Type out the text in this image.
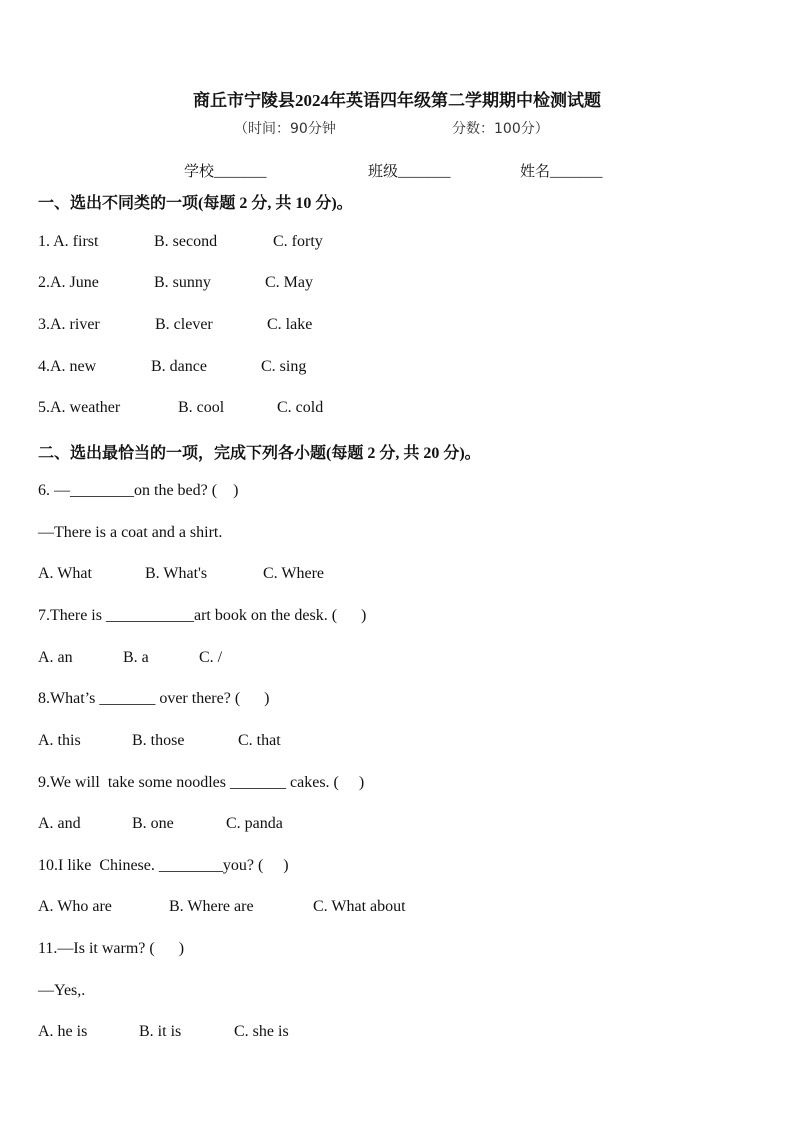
商丘市宁陵县2024年英语四年级第二学期期中检测试题
（时间：90分钟	分数：100分）
学校_______	班级_______	姓名_______
一、选出不同类的一项(每题 2 分, 共 10 分)。
1. A. first	B. second	C. forty
2.A. June	B. sunny	C. May
3.A. river	B. clever	C. lake
4.A. new	B. dance	C. sing
5.A. weather	B. cool	C. cold
二、选出最恰当的一项，完成下列各小题(每题 2 分, 共 20 分)。
6. —________on the bed? (    )
—There is a coat and a shirt.
A. What	B. What's	C. Where
7.There is ___________art book on the desk. (      )
A. an	B. a	C. /
8.What’s _______ over there? (      )
A. this	B. those	C. that
9.We will  take some noodles _______ cakes. (     )
A. and	B. one	C. panda
10.I like  Chinese. ________you? (     )
A. Who are	B. Where are	C. What about
11.—Is it warm? (      )
—Yes,.
A. he is	B. it is	C. she is
